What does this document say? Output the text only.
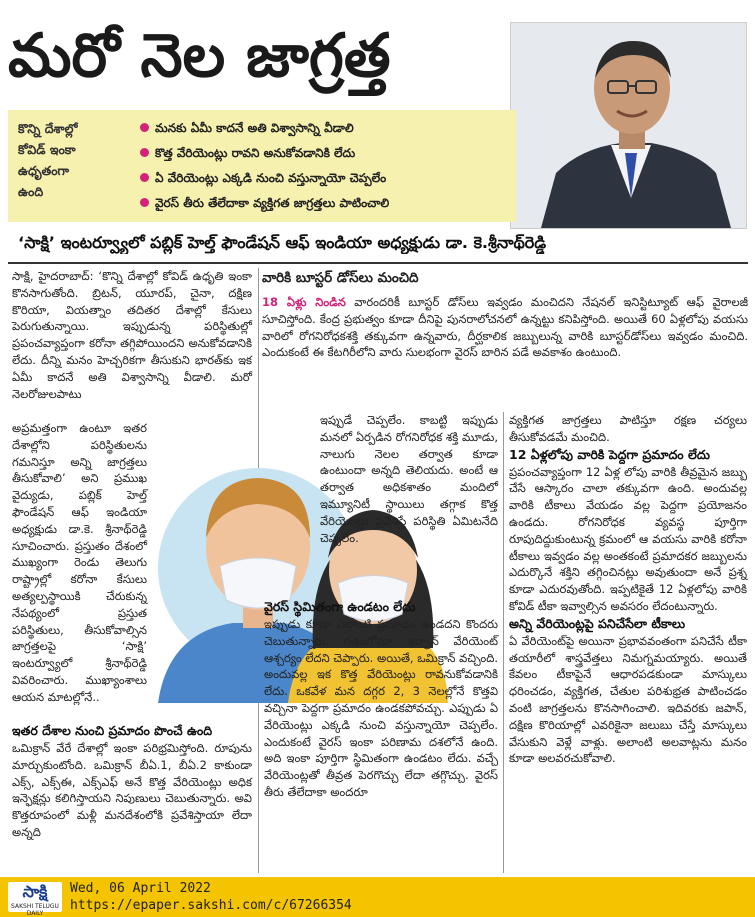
మరో నెల జాగ్రత్త
కొన్ని దేశాల్లో
కోవిడ్ ఇంకా
ఉధృతంగా
ఉంది
మనకు ఏమీ కాదనే అతి విశ్వాసాన్ని వీడాలి
కొత్త వేరియెంట్లు రావని అనుకోవడానికి లేదు
ఏ వేరియెంట్లు ఎక్కడి నుంచి వస్తున్నాయో చెప్పలేం
వైరస్ తీరు తేలేదాకా వ్యక్తిగత జాగ్రత్తలు పాటించాలి
‘సాక్షి’ ఇంటర్వ్యూలో పబ్లిక్ హెల్త్ ఫౌండేషన్ ఆఫ్ ఇండియా అధ్యక్షుడు డా. కె.శ్రీనాథ్‌రెడ్డి

సాక్షి, హైదరాబాద్: ‘కొన్ని దేశాల్లో కోవిడ్ ఉధృతి ఇంకా కొనసాగుతోంది. బ్రిటన్, యూరప్, చైనా, దక్షిణ కొరియా, వియత్నాం తదితర దేశాల్లో కేసులు పెరుగుతున్నాయి. ఇప్పుడున్న పరిస్థితుల్లో ప్రపంచవ్యాప్తంగా కరోనా తగ్గిపోయిందని అనుకోవడానికి లేదు. దీన్ని మనం హెచ్చరికగా తీసుకుని భారత్‌కు ఇక ఏమీ కాదనే అతి విశ్వాసాన్ని వీడాలి. మరో నెలరోజులపాటు

అప్రమత్తంగా ఉంటూ ఇతర దేశాల్లోని పరిస్థితులను గమనిస్తూ అన్ని జాగ్రత్తలు తీసుకోవాలి’ అని ప్రముఖ వైద్యుడు, పబ్లిక్ హెల్త్ ఫౌండేషన్ ఆఫ్ ఇండియా అధ్యక్షుడు డా.కె. శ్రీనాథ్‌రెడ్డి సూచించారు. ప్రస్తుతం దేశంలో ముఖ్యంగా రెండు తెలుగు రాష్ట్రాల్లో కరోనా కేసులు అత్యల్పస్థాయికి చేరుకున్న నేపథ్యంలో ప్రస్తుత పరిస్థితులు, తీసుకోవాల్సిన జాగ్రత్తలపై ‘సాక్షి’ ఇంటర్వ్యూలో శ్రీనాథ్‌రెడ్డి వివరించారు. ముఖ్యాంశాలు ఆయన మాటల్లోనే..

ఇతర దేశాల నుంచి ప్రమాదం పొంచే ఉంది

ఒమిక్రాన్ వేరే దేశాల్లో ఇంకా పరిభ్రమిస్తోంది. రూపును మార్చుకుంటోంది. ఒమిక్రాన్ బీఏ.1, బీఏ.2 కాకుండా ఎక్స్, ఎక్స్‌ఈ, ఎక్స్‌ఎఫ్ అనే కొత్త వేరియెంట్లు అధిక ఇన్ఫెక్షన్లు కలిగిస్తాయని నిపుణులు చెబుతున్నారు. అవి కొత్తరూపంలో మళ్లీ మనదేశంలోకి ప్రవేశిస్తాయా లేదా అన్నది

వారికి బూస్టర్ డోస్‌లు మంచిది

18 ఏళ్లు నిండిన వారందరికీ బూస్టర్ డోస్‌లు ఇవ్వడం మంచిదని నేషనల్ ఇనిస్టిట్యూట్ ఆఫ్ వైరాలజీ సూచిస్తోంది. కేంద్ర ప్రభుత్వం కూడా దీనిపై పునరాలోచనలో ఉన్నట్టు కనిపిస్తోంది. అయితే 60 ఏళ్లలోపు వయసు వారిలో రోగనిరోధకశక్తి తక్కువగా ఉన్నవారు, దీర్ఘకాలిక జబ్బులున్న వారికి బూస్టర్‌డోస్‌లు ఇవ్వడం మంచిది. ఎందుకంటే ఈ కేటగిరీలోని వారు సులభంగా వైరస్ బారిన పడే అవకాశం ఉంటుంది.

ఇప్పుడే చెప్పలేం. కాబట్టి ఇప్పుడు మనలో ఏర్పడిన రోగనిరోధక శక్తి మూడు, నాలుగు నెలల తర్వాత కూడా ఉంటుందా అన్నది తెలియదు. అంటే ఆ తర్వాత అధికశాతం మందిలో ఇమ్యూనిటీ స్థాయిలు తగ్గాక కొత్త వేరియెంట్లు ప్రవేశిస్తే పరిస్థితి ఏమిటనేది చెప్పలేం.

వైరస్ స్థిమితంగా ఉండటం లేదు

ఇప్పుడు కూడా ఎలాంటి ప్రమాదం ఉండదని కొందరు చెబుతున్నారు. గతంలోనూ ఇర్ఫాన్ వేరియెంట్ ఆశ్చర్యం లేదని చెప్పారు. అయితే, ఒమిక్రాన్ వచ్చింది. అందువల్ల ఇక కొత్త వేరియెంట్లు రావనుకోవడానికి లేదు. ఒకవేళ మన దగ్గర 2, 3 నెలల్లోనే కొత్తవి వచ్చినా పెద్దగా ప్రమాదం ఉండకపోవచ్చు. ఎప్పుడు ఏ వేరియెంట్లు ఎక్కడి నుంచి వస్తున్నాయో చెప్పలేం. ఎందుకంటే వైరస్ ఇంకా పరిణామ దశలోనే ఉంది. అది ఇంకా పూర్తిగా స్థిమితంగా ఉండటం లేదు. వచ్చే వేరియెంట్లతో తీవ్రత పెరగొచ్చు లేదా తగ్గొచ్చు. వైరస్ తీరు తేలేదాకా అందరూ

వ్యక్తిగత జాగ్రత్తలు పాటిస్తూ రక్షణ చర్యలు తీసుకోవడమే మంచిది.

12 ఏళ్లలోపు వారికి పెద్దగా ప్రమాదం లేదు

ప్రపంచవ్యాప్తంగా 12 ఏళ్ల లోపు వారికి తీవ్రమైన జబ్బు చేసే ఆస్కారం చాలా తక్కువగా ఉంది. అందువల్ల వారికి టీకాలు వేయడం వల్ల పెద్దగా ప్రయోజనం ఉండదు. రోగనిరోధక వ్యవస్థ పూర్తిగా రూపుదిద్దుకుంటున్న క్రమంలో ఆ వయసు వారికి కరోనా టీకాలు ఇవ్వడం వల్ల అంతకంటే ప్రమాదకర జబ్బులను ఎదుర్కొనే శక్తిని తగ్గించినట్లు అవుతుందా అనే ప్రశ్న కూడా ఎదురవుతోంది. ఇప్పటికైతే 12 ఏళ్లలోపు వారికి కోవిడ్ టీకా ఇవ్వాల్సిన అవసరం లేదంటున్నారు.

అన్ని వేరియెంట్లపై పనిచేసేలా టీకాలు

ఏ వేరియెంట్‌పై అయినా ప్రభావవంతంగా పనిచేసే టీకా తయారీలో శాస్త్రవేత్తలు నిమగ్నమయ్యారు. అయితే కేవలం టీకాపైనే ఆధారపడకుండా మాస్కులు ధరించడం, వ్యక్తిగత, చేతుల పరిశుభ్రత పాటించడం వంటి జాగ్రత్తలను కొనసాగించాలి. ఇదివరకు జపాన్, దక్షిణ కొరియాల్లో ఎవరికైనా జలుబు చేస్తే మాస్కులు వేసుకుని వెళ్లే వాళ్లు. అలాంటి అలవాట్లను మనం కూడా అలవరచుకోవాలి.

సాక్షి
SAKSHI TELUGU DAILY
Wed, 06 April 2022
https://epaper.sakshi.com/c/67266354
